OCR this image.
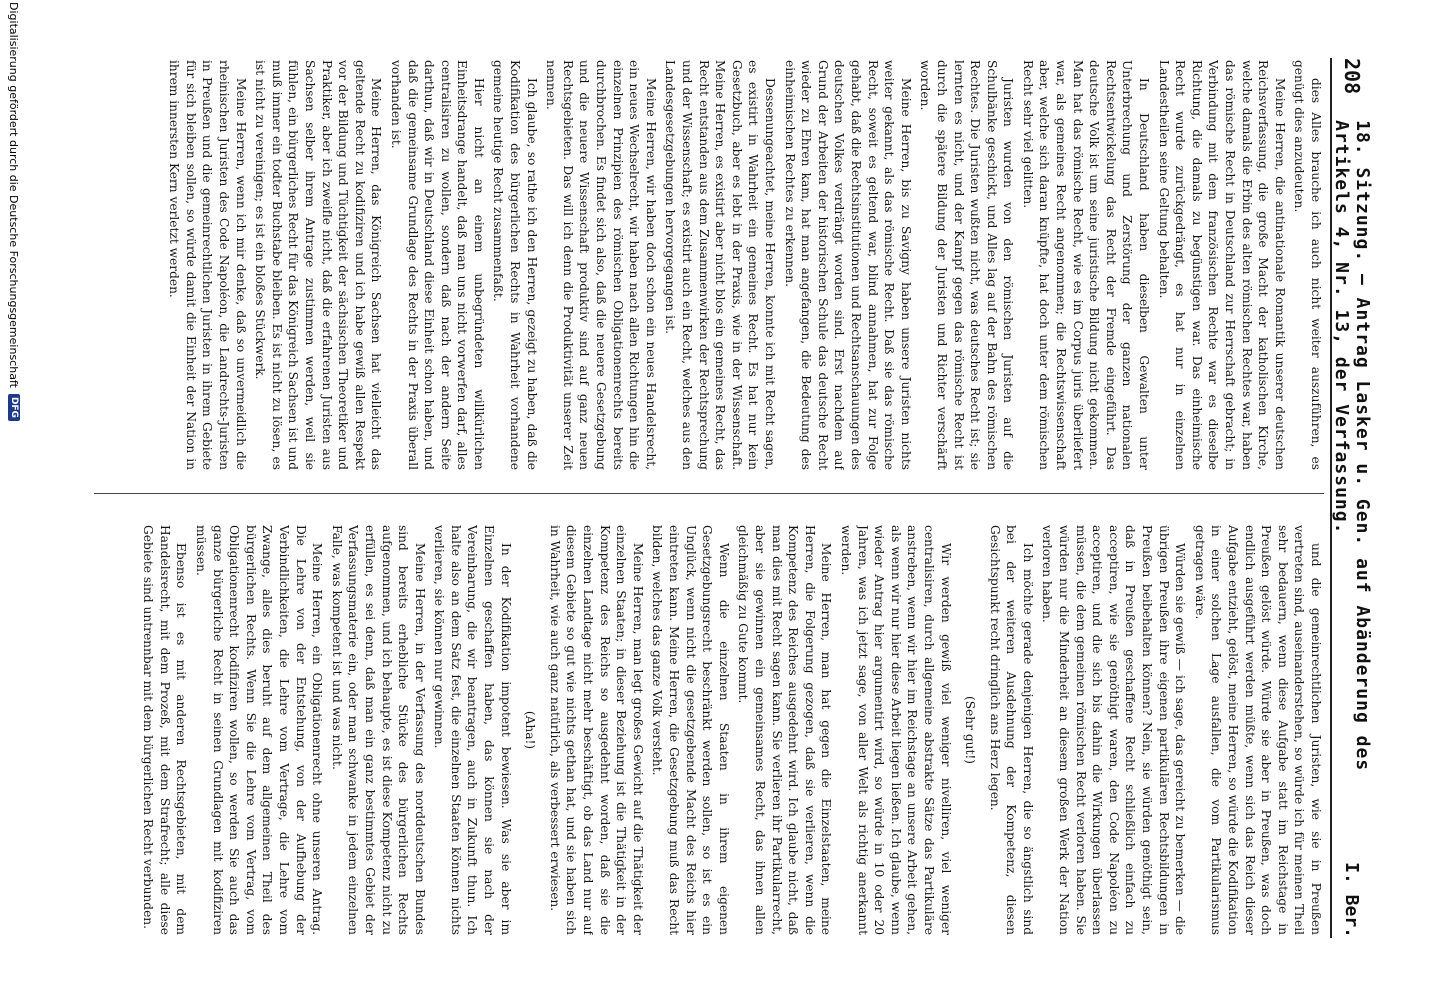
208
18. Sitzung. — Antrag Lasker u. Gen. auf Abänderung des Artikels 4, Nr. 13, der Verfassung.
I. Ber.

dies Alles brauche ich auch nicht weiter auszuführen, es genügt dies anzudeuten.

Meine Herren, die antinationale Romantik unserer deutschen Reichsverfassung, die große Macht der katholischen Kirche, welche damals die Erbin des alten römischen Rechtes war, haben das römische Recht in Deutschland zur Herrschaft gebracht; in Verbindung mit dem französischen Rechte war es dieselbe Richtung, die damals zu begünstigen war. Das einheimische Recht wurde zurückgedrängt, es hat nur in einzelnen Landestheilen seine Geltung behalten.

In Deutschland haben dieselben Gewalten unter Unterbrechung und Zerstörung der ganzen nationalen Rechtsentwickelung das Recht der Fremde eingeführt. Das deutsche Volk ist um seine juristische Bildung nicht gekommen. Man hat das römische Recht, wie es im Corpus juris überliefert war, als gemeines Recht angenommen; die Rechtswissenschaft aber, welche sich daran knüpfte, hat doch unter dem römischen Recht sehr viel gelitten.

Juristen wurden von den römischen Juristen auf die Schulbänke geschickt, und Alles lag auf der Bahn des römischen Rechtes. Die Juristen wußten nicht, was deutsches Recht ist; sie lernten es nicht, und der Kampf gegen das römische Recht ist durch die spätere Bildung der Juristen und Richter verschärft worden.

Meine Herren, bis zu Savigny haben unsere Juristen nichts weiter gekannt, als das römische Recht. Daß sie das römische Recht, soweit es geltend war, blind annahmen, hat zur Folge gehabt, daß die Rechtsinstitutionen und Rechtsanschauungen des deutschen Volkes verdrängt worden sind. Erst nachdem auf Grund der Arbeiten der historischen Schule das deutsche Recht wieder zu Ehren kam, hat man angefangen, die Bedeutung des einheimischen Rechtes zu erkennen.

Dessenungeachtet, meine Herren, konnte ich mit Recht sagen, es existirt in Wahrheit ein gemeines Recht. Es hat nur kein Gesetzbuch, aber es lebt in der Praxis, wie in der Wissenschaft. Meine Herren, es existirt aber nicht blos ein gemeines Recht, das Recht entstanden aus dem Zusammenwirken der Rechtsprechung und der Wissenschaft; es existirt auch ein Recht, welches aus den Landesgesetzgebungen hervorgegangen ist.

Meine Herren, wir haben doch schon ein neues Handelsrecht, ein neues Wechselrecht, wir haben nach allen Richtungen hin die einzelnen Prinzipien des römischen Obligationenrechts bereits durchbrochen. Es findet sich also, daß die neuere Gesetzgebung und die neuere Wissenschaft produktiv sind auf ganz neuen Rechtsgebieten. Das will ich denn die Produktivität unserer Zeit nennen.

Ich glaube, so rathe ich den Herren, gezeigt zu haben, daß die Kodifikation des bürgerlichen Rechts in Wahrheit vorhandene gemeine heutige Recht zusammenfaßt.

Hier nicht an einem unbegründeten willkürlichen Einheitsdrange handelt, daß man uns nicht vorwerfen darf, alles centralisiren zu wollen, sondern daß nach der andern Seite darthun, daß wir in Deutschland diese Einheit schon haben, und daß die gemeinsame Grundlage des Rechts in der Praxis überall vorhanden ist.

Meine Herren, das Königreich Sachsen hat vielleicht das geltende Recht zu kodifiziren und ich habe gewiß allen Respekt vor der Bildung und Tüchtigkeit der sächsischen Theoretiker und Praktiker, aber ich zweifle nicht, daß die erfahrenen Juristen aus Sachsen selber ihrem Antrage zustimmen werden, weil sie fühlen, ein bürgerliches Recht für das Königreich Sachsen ist und muß immer ein todter Buchstabe bleiben. Es ist nicht zu lösen, es ist nicht zu vereinigen; es ist ein bloßes Stückwerk.

Meine Herren, wenn ich mir denke, daß so unvermeidlich die rheinischen Juristen des Code Napoléon, die Landrechts-Juristen in Preußen und die gemeinrechtlichen Juristen in ihrem Gebiete für sich bleiben sollen, so würde damit die Einheit der Nation in ihrem innersten Kern verletzt werden.

und die gemeinrechtlichen Juristen, wie sie in Preußen vertreten sind, auseinanderstehen, so würde ich für meinen Theil sehr bedauern, wenn diese Aufgabe statt im Reichstage in Preußen gelöst würde. Würde sie aber in Preußen, was doch endlich ausgeführt werden müßte, wenn sich das Reich dieser Aufgabe entzieht, gelöst, meine Herren, so würde die Kodifikation in einer solchen Lage ausfallen, die vom Partikularismus getragen wäre.

Würden sie gewiß — ich sage, das gereicht zu bemerken — die übrigen Preußen ihre eigenen partikulären Rechtsbildungen in Preußen beibehalten können? Nein, sie würden genöthigt sein, daß in Preußen geschaffene Recht schließlich einfach zu acceptiren, wie sie genöthigt waren, den Code Napoléon zu acceptiren, und die sich bis dahin die Wirkungen überlassen müssen, die dem gemeinen römischen Recht verloren haben. Sie würden nur die Minderheit an diesem großen Werk der Nation verloren haben.

Ich möchte gerade denjenigen Herren, die so ängstlich sind bei der weiteren Ausdehnung der Kompetenz, diesen Gesichtspunkt recht dringlich ans Herz legen.

(Sehr gut!)

Wir werden gewiß viel weniger nivelliren, viel weniger centralisiren, durch allgemeine abstrakte Sätze das Partikuläre anstreben, wenn wir hier im Reichstage an unsere Arbeit gehen, als wenn wir nur hier diese Arbeit liegen ließen. Ich glaube, wenn wieder Antrag hier argumentirt wird, so würde in 10 oder 20 Jahren, was ich jetzt sage, von aller Welt als richtig anerkannt werden.

Meine Herren, man hat gegen die Einzelstaaten, meine Herren, die Folgerung gezogen, daß sie verlieren, wenn die Kompetenz des Reiches ausgedehnt wird. Ich glaube nicht, daß man dies mit Recht sagen kann. Sie verlieren ihr Partikularrecht, aber sie gewinnen ein gemeinsames Recht, das ihnen allen gleichmäßig zu Gute kommt.

Wenn die einzelnen Staaten in ihrem eigenen Gesetzgebungsrecht beschränkt werden sollen, so ist es ein Unglück, wenn nicht die gesetzgebende Macht des Reichs hier eintreten kann. Meine Herren, die Gesetzgebung muß das Recht bilden, welches das ganze Volk versteht.

Meine Herren, man legt großes Gewicht auf die Thätigkeit der einzelnen Staaten; in dieser Beziehung ist die Thätigkeit in der Kompetenz des Reichs so ausgedehnt worden, daß sie die einzelnen Landtage nicht mehr beschäftigt, ob das Land nur auf diesem Gebiete so gut wie nichts gethan hat, und sie haben sich in Wahrheit, wie auch ganz natürlich, als verbessert erwiesen.

(Aha!)

In der Kodifikation impotent bewiesen. Was sie aber im Einzelnen geschaffen haben, das können sie nach der Vereinbarung, die wir beantragen, auch in Zukunft thun. Ich halte also an dem Satz fest, die einzelnen Staaten können nichts verlieren, sie können nur gewinnen.

Meine Herren, in der Verfassung des norddeutschen Bundes sind bereits erhebliche Stücke des bürgerlichen Rechts aufgenommen, und ich behaupte, es ist diese Kompetenz nicht zu erfüllen, es sei denn, daß man ein ganz bestimmtes Gebiet der Verfassungsmaterie ein, oder man schwanke in jedem einzelnen Falle, was kompetent ist und was nicht.

Meine Herren, ein Obligationenrecht ohne unseren Antrag. Die Lehre von der Entstehung, von der Aufhebung der Verbindlichkeiten, die Lehre vom Vertrage, die Lehre vom Zwange, alles dies beruht auf dem allgemeinen Theil des bürgerlichen Rechts. Wenn Sie die Lehre vom Vertrag, vom Obligationenrecht kodifiziren wollen, so werden Sie auch das ganze bürgerliche Recht in seinen Grundlagen mit kodifiziren müssen.

Ebenso ist es mit anderen Rechtsgebieten, mit dem Handelsrecht, mit dem Prozeß, mit dem Strafrecht; alle diese Gebiete sind untrennbar mit dem bürgerlichen Recht verbunden.

Digitalisierung gefördert durch die Deutsche Forschungsgemeinschaft
DFG
